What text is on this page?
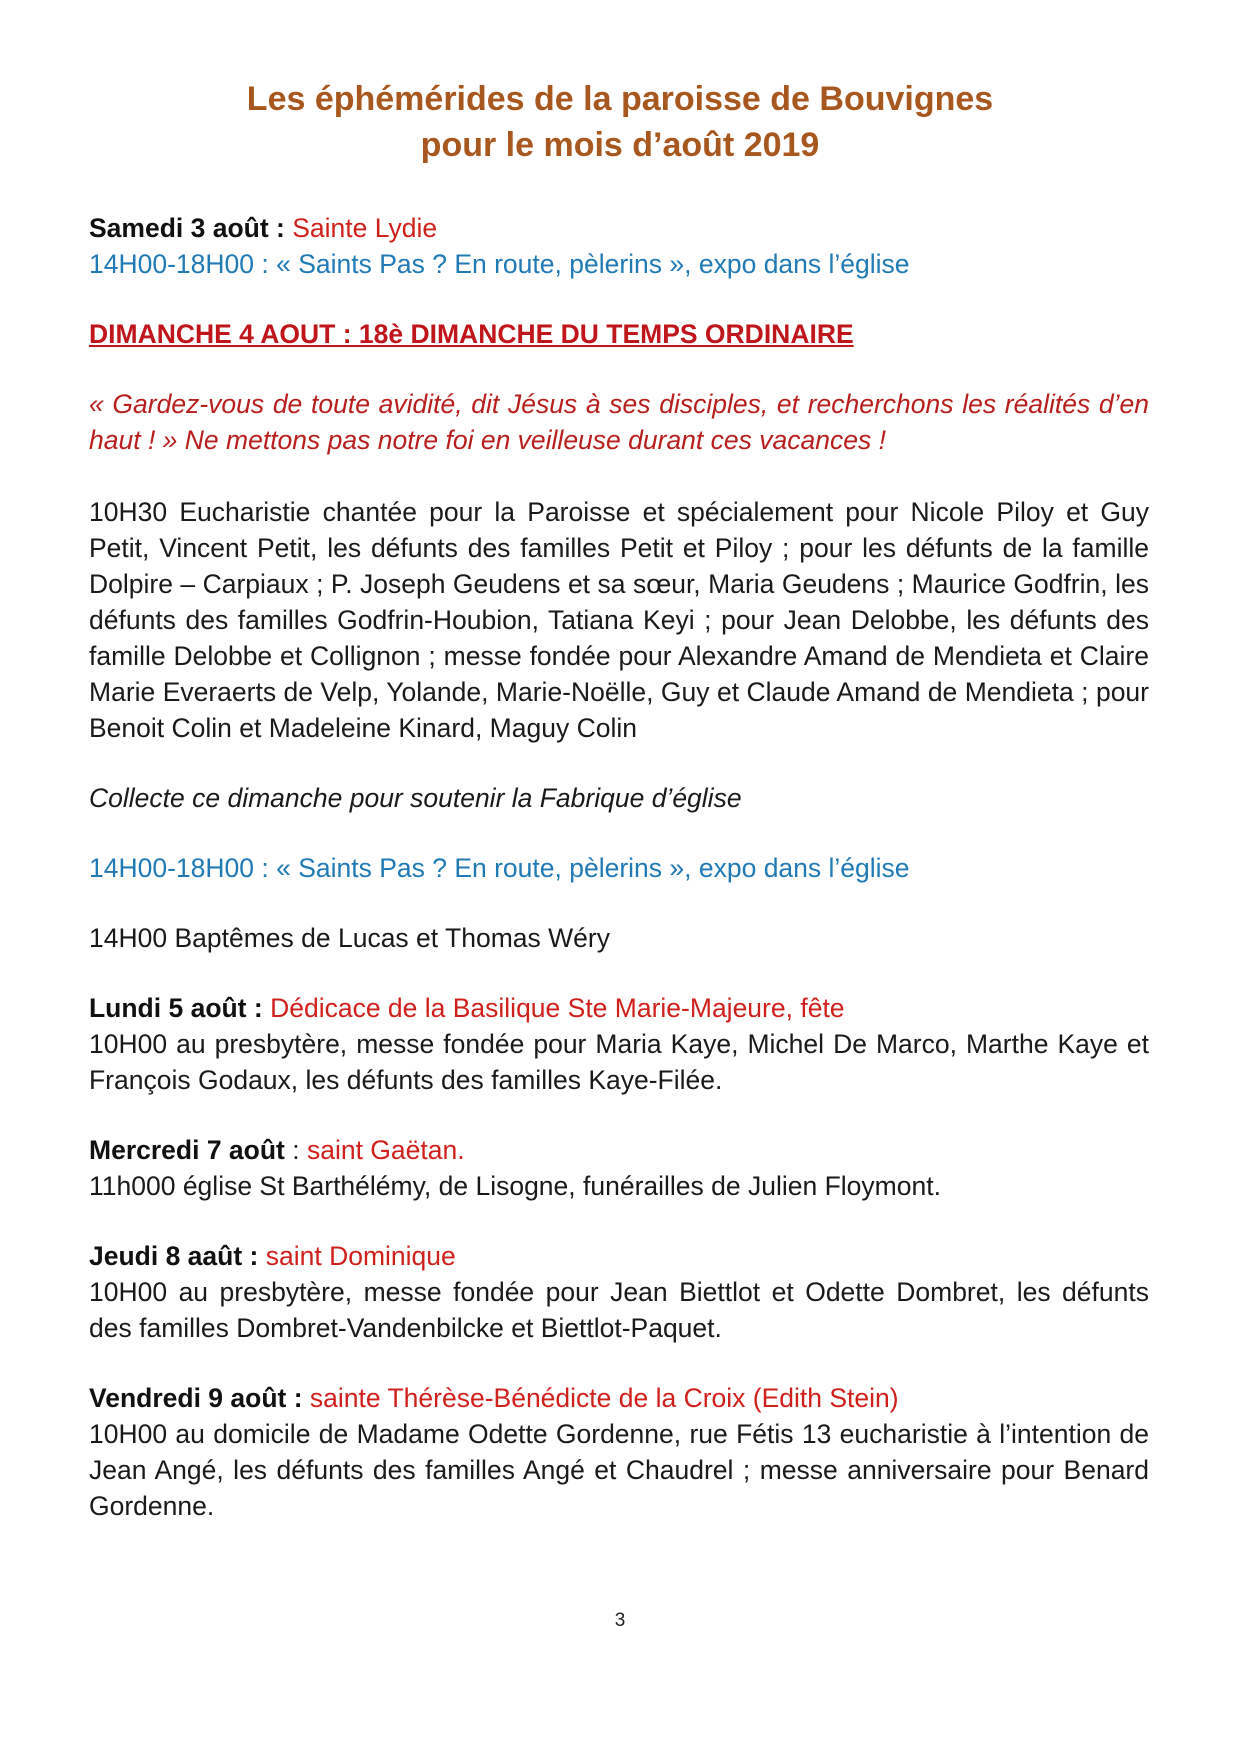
Les éphémérides de la paroisse de Bouvignes
pour le mois d’août 2019

Samedi 3 août : Sainte Lydie

14H00-18H00 : « Saints Pas ? En route, pèlerins », expo dans l’église

DIMANCHE 4 AOUT : 18è DIMANCHE DU TEMPS ORDINAIRE

« Gardez-vous de toute avidité, dit Jésus à ses disciples, et recherchons les réalités d’en haut ! » Ne mettons pas notre foi en veilleuse durant ces vacances !

10H30 Eucharistie chantée pour la Paroisse et spécialement pour Nicole Piloy et Guy Petit, Vincent Petit, les défunts des familles Petit et Piloy ; pour les défunts de la famille Dolpire – Carpiaux ; P. Joseph Geudens et sa sœur, Maria Geudens ; Maurice Godfrin, les défunts des familles Godfrin-Houbion, Tatiana Keyi ; pour Jean Delobbe, les défunts des famille Delobbe et Collignon ; messe fondée pour Alexandre Amand de Mendieta et Claire Marie Everaerts de Velp, Yolande, Marie-Noëlle, Guy et Claude Amand de Mendieta ; pour Benoit Colin et Madeleine Kinard, Maguy Colin

Collecte ce dimanche pour soutenir la Fabrique d’église

14H00-18H00 : « Saints Pas ? En route, pèlerins », expo dans l’église

14H00 Baptêmes de Lucas et Thomas Wéry

Lundi 5 août : Dédicace de la Basilique Ste Marie-Majeure, fête

10H00 au presbytère, messe fondée pour Maria Kaye, Michel De Marco, Marthe Kaye et François Godaux, les défunts des familles Kaye-Filée.

Mercredi 7 août : saint Gaëtan.

11h000 église St Barthélémy, de Lisogne, funérailles de Julien Floymont.

Jeudi 8 aaût : saint Dominique

10H00 au presbytère, messe fondée pour Jean Biettlot et Odette Dombret, les défunts des familles Dombret-Vandenbilcke et Biettlot-Paquet.

Vendredi 9 août : sainte Thérèse-Bénédicte de la Croix (Edith Stein)

10H00 au domicile de Madame Odette Gordenne, rue Fétis 13 eucharistie à l’intention de Jean Angé, les défunts des familles Angé et Chaudrel ; messe anniversaire pour Benard Gordenne.

3
